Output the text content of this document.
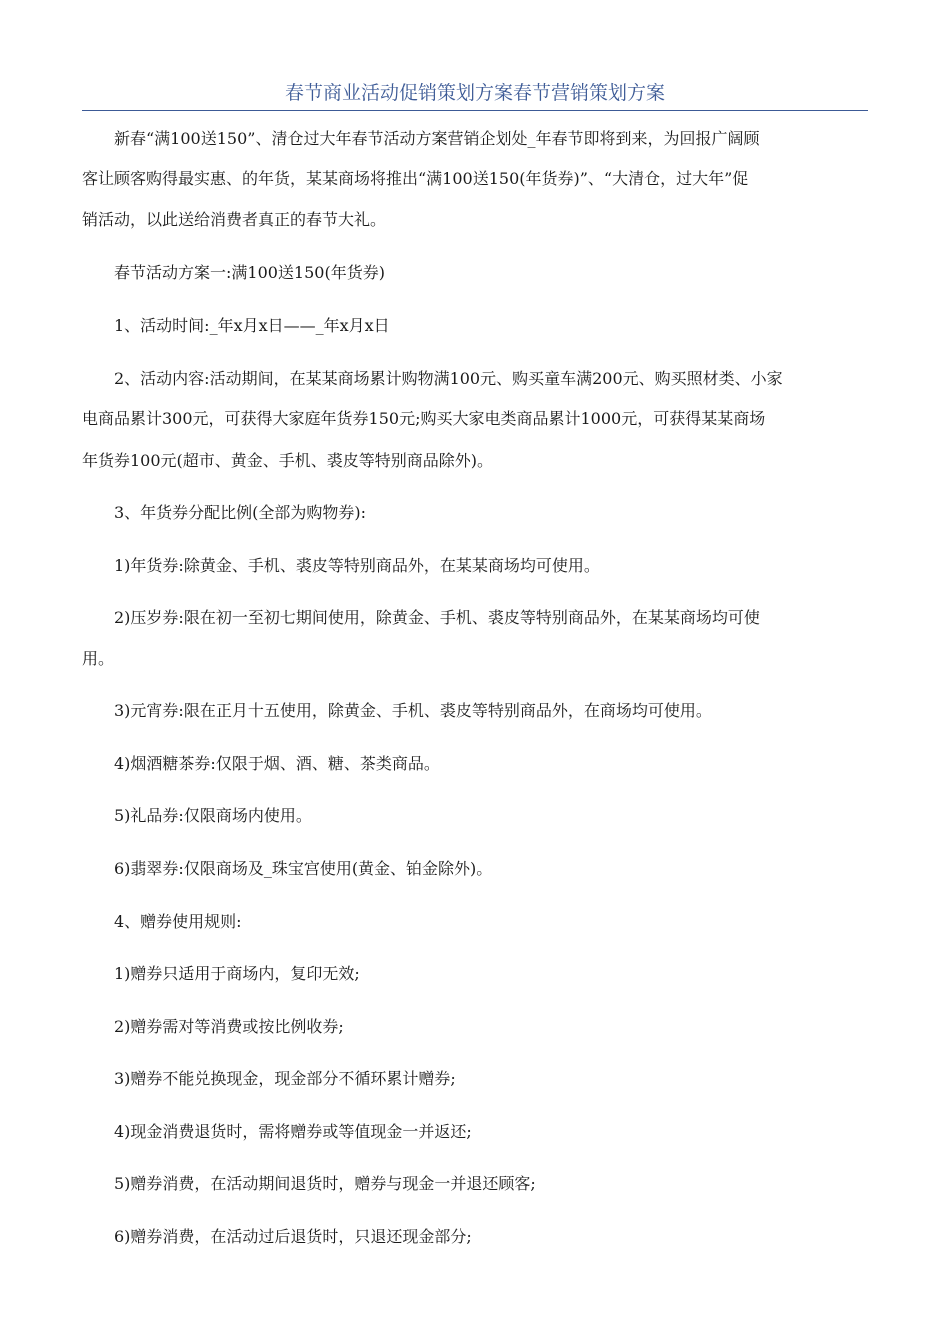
春节商业活动促销策划方案春节营销策划方案

新春“满100送150”、清仓过大年春节活动方案营销企划处_年春节即将到来，为回报广阔顾

客让顾客购得最实惠、的年货，某某商场将推出“满100送150(年货券)”、“大清仓，过大年”促

销活动，以此送给消费者真正的春节大礼。

春节活动方案一:满100送150(年货券)

1、活动时间:_年x月x日——_年x月x日

2、活动内容:活动期间，在某某商场累计购物满100元、购买童车满200元、购买照材类、小家

电商品累计300元，可获得大家庭年货券150元;购买大家电类商品累计1000元，可获得某某商场

年货券100元(超市、黄金、手机、裘皮等特别商品除外)。

3、年货券分配比例(全部为购物券):

1)年货券:除黄金、手机、裘皮等特别商品外，在某某商场均可使用。

2)压岁券:限在初一至初七期间使用，除黄金、手机、裘皮等特别商品外，在某某商场均可使

用。

3)元宵券:限在正月十五使用，除黄金、手机、裘皮等特别商品外，在商场均可使用。

4)烟酒糖茶券:仅限于烟、酒、糖、茶类商品。

5)礼品券:仅限商场内使用。

6)翡翠券:仅限商场及_珠宝宫使用(黄金、铂金除外)。

4、赠券使用规则:

1)赠券只适用于商场内，复印无效;

2)赠券需对等消费或按比例收券;

3)赠券不能兑换现金，现金部分不循环累计赠券;

4)现金消费退货时，需将赠券或等值现金一并返还;

5)赠券消费，在活动期间退货时，赠券与现金一并退还顾客;

6)赠券消费，在活动过后退货时，只退还现金部分;
